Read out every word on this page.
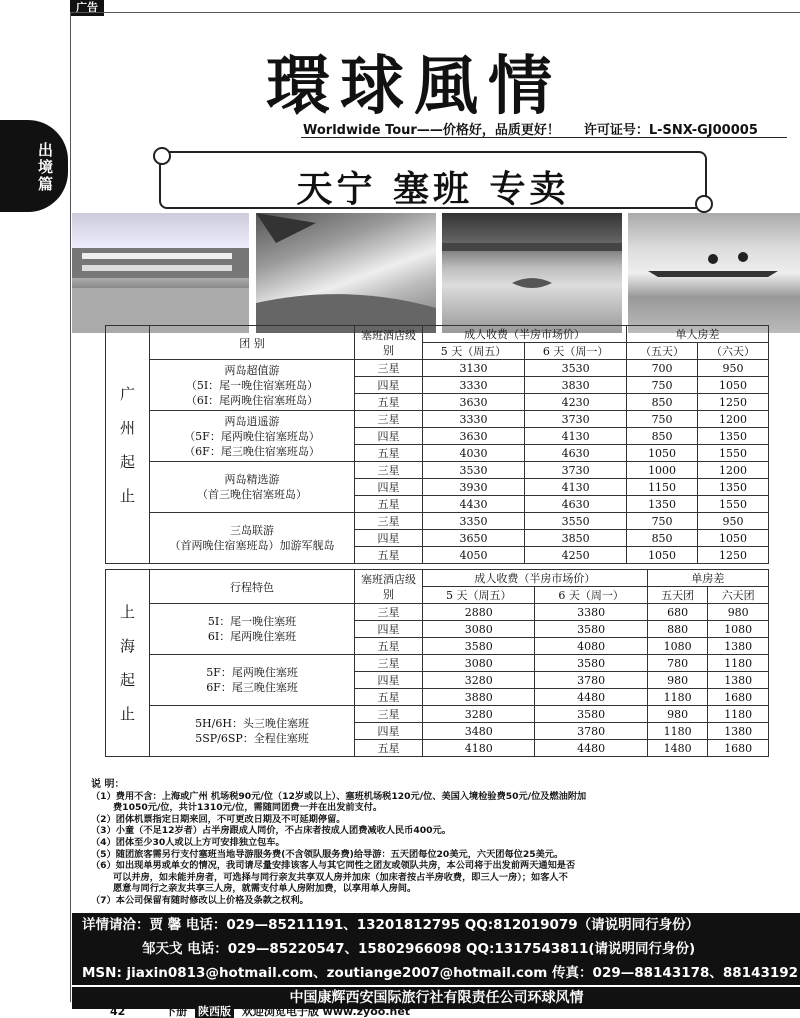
广告
出境篇
環球風情
Worldwide Tour——价格好，品质更好！ 许可证号：L-SNX-GJ00005
天宁 塞班 专卖
广州起止	团 别	塞班酒店级别	成人收费（半房市场价）		单人房差	
			5 天（周五）	6 天（周一）	（五天）	（六天）

	两岛超值游
（5I：尾一晚住宿塞班岛）
（6I：尾两晚住宿塞班岛）	三星	3130	3530	700	950
		四星	3330	3830	750	1050
		五星	3630	4230	850	1250

	两岛逍遥游
（5F：尾两晚住宿塞班岛）
（6F：尾三晚住宿塞班岛）	三星	3330	3730	750	1200
		四星	3630	4130	850	1350
		五星	4030	4630	1050	1550

	两岛精选游
（首三晚住宿塞班岛）	三星	3530	3730	1000	1200
		四星	3930	4130	1150	1350
		五星	4430	4630	1350	1550

	三岛联游
（首两晚住宿塞班岛）加游军舰岛	三星	3350	3550	750	950
		四星	3650	3850	850	1050
		五星	4050	4250	1050	1250
上海起止	行程特色	塞班酒店级别	成人收费（半房市场价）		单房差	
			5 天（周五）	6 天（周一）	五天团	六天团

	5I：尾一晚住塞班
6I：尾两晚住塞班	三星	2880	3380	680	980
		四星	3080	3580	880	1080
		五星	3580	4080	1080	1380

	5F：尾两晚住塞班
6F：尾三晚住塞班	三星	3080	3580	780	1180
		四星	3280	3780	980	1380
		五星	3880	4480	1180	1680

	5H/6H：头三晚住塞班
5SP/6SP：全程住塞班	三星	3280	3580	980	1180
		四星	3480	3780	1180	1380
		五星	4180	4480	1480	1680
说 明：
（1）费用不含：上海或广州 机场税90元/位（12岁或以上）、塞班机场税120元/位、美国入境检验费50元/位及燃油附加
费1050元/位，共计1310元/位，需随同团费一并在出发前支付。
（2）团体机票指定日期来回，不可更改日期及不可延期停留。
（3）小童（不足12岁者）占半房跟成人同价，不占床者按成人团费减收人民币400元。
（4）团体至少30人或以上方可安排独立包车。
（5）随团旅客需另行支付塞班当地导游服务费(不含领队服务费)给导游：五天团每位20美元，六天团每位25美元。
（6）如出现单男或单女的情况，我司请尽量安排该客人与其它同性之团友或领队共房，本公司将于出发前两天通知是否
可以并房，如未能并房者，可选择与同行亲友共享双人房并加床（加床者按占半房收费，即三人一房）；如客人不
愿意与同行之亲友共享三人房，就需支付单人房附加费，以享用单人房间。
（7）本公司保留有随时修改以上价格及条款之权利。
详情请洽：贾 馨 电话：029—85211191、13201812795 QQ:812019079（请说明同行身份）
邹天戈 电话：029—85220547、15802966098 QQ:1317543811(请说明同行身份)
MSN: jiaxin0813@hotmail.com、zoutiange2007@hotmail.com 传真：029—88143178、88143192
中国康辉西安国际旅行社有限责任公司环球风情
42	下册 陕西版 欢迎浏览电子版 www.zyoo.net
